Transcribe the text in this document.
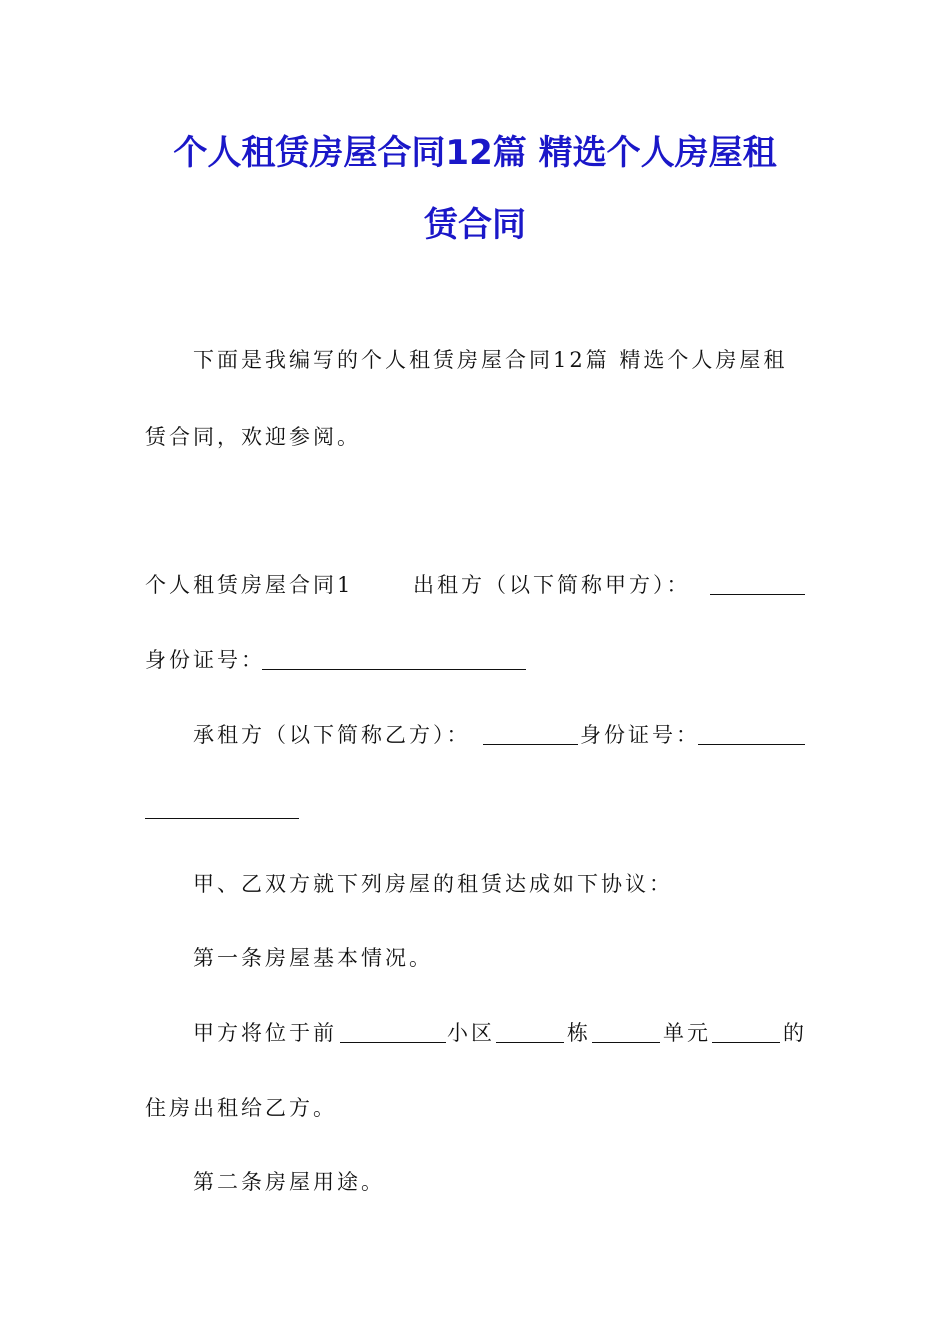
个人租赁房屋合同12篇 精选个人房屋租
赁合同
下面是我编写的个人租赁房屋合同12篇 精选个人房屋租
赁合同，欢迎参阅。
个人租赁房屋合同1	出租方（以下简称甲方）：
身份证号：
承租方（以下简称乙方）：	身份证号：
甲、乙双方就下列房屋的租赁达成如下协议：
第一条房屋基本情况。
甲方将位于前	小区	栋	单元	的
住房出租给乙方。
第二条房屋用途。
